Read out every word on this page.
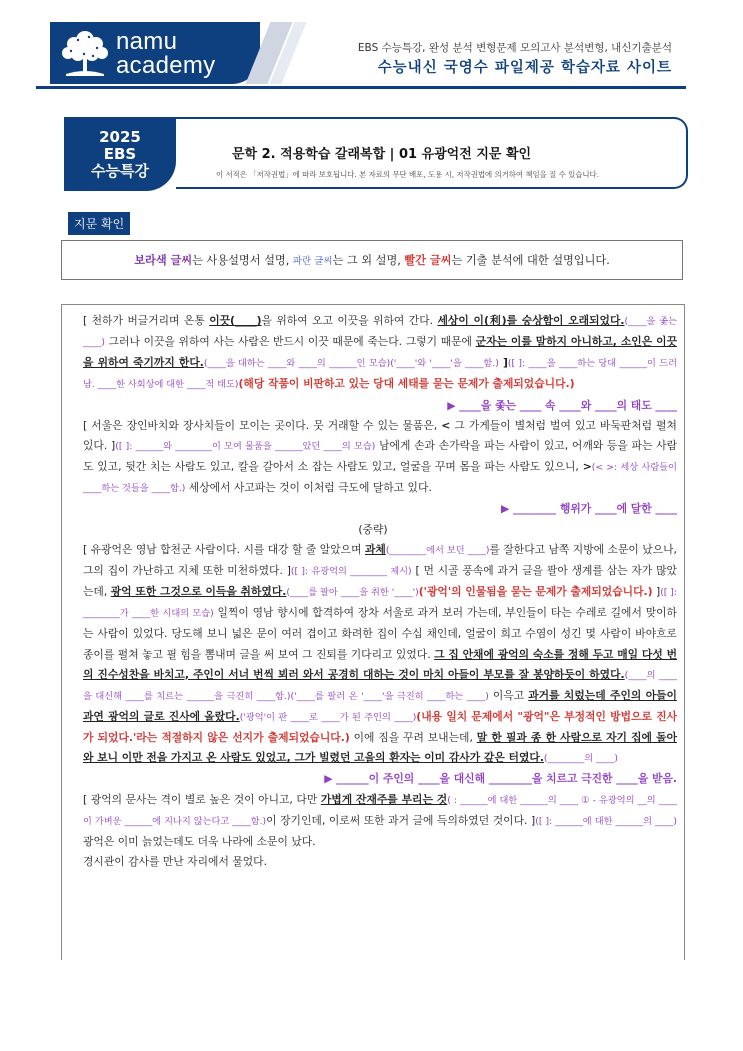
namu
academy
EBS 수능특강, 완성 분석 변형문제 모의고사 분석변형, 내신기출분석
수능내신 국영수 파일제공 학습자료 사이트
2025
EBS
수능특강
문학 2. 적용학습 갈래복합 | 01 유광억전 지문 확인
이 서적은 「저작권법」에 따라 보호됩니다. 본 자료의 무단 배포, 도용 시, 저작권법에 의거하여 책임을 질 수 있습니다.
지문 확인
보라색 글씨는 사용설명서 설명, 파란 글씨는 그 외 설명, 빨간 글씨는 기출 분석에 대한 설명입니다.

[ 천하가 버글거리며 온통 이끗(____)을 위하여 오고 이끗을 위하여 간다. 세상이 이(利)를 숭상함이 오래되었다.(____을 좇는 ____) 그러나 이끗을 위하여 사는 사람은 반드시 이끗 때문에 죽는다. 그렇기 때문에 군자는 이를 말하지 아니하고, 소인은 이끗을 위하여 죽기까지 한다.(____을 대하는 ____와 ____의 ______인 모습)('____'와 '____'을 ____함.) ]([ ]: ____을 ____하는 당대 ______이 드러남. ____한 사회상에 대한 ____적 태도)(해당 작품이 비판하고 있는 당대 세태를 묻는 문제가 출제되었습니다.)

▶ ____을 좇는 ____ 속 ____와 ____의 태도 ____

[ 서울은 장인바치와 장사치들이 모이는 곳이다. 뭇 거래할 수 있는 물품은, < 그 가게들이 별처럼 벌여 있고 바둑판처럼 펼쳐 있다. ]([ ]: ______와 ________이 모여 물품을 ______았던 ____의 모습) 남에게 손과 손가락을 파는 사람이 있고, 어깨와 등을 파는 사람도 있고, 뒷간 치는 사람도 있고, 칼을 갈아서 소 잡는 사람도 있고, 얼굴을 꾸며 몸을 파는 사람도 있으니, >(< >: 세상 사람들이 ____하는 것들을 ____함.) 세상에서 사고파는 것이 이처럼 극도에 달하고 있다.

▶ ________ 행위가 ____에 달한 ____

(중략)

[ 유광억은 영남 합천군 사람이다. 시를 대강 할 줄 알았으며 과체(________에서 보던 ____)를 잘한다고 남쪽 지방에 소문이 났으나, 그의 집이 가난하고 지체 또한 미천하였다. ]([ ]: 유광억의 ________ 제시) [ 먼 시골 풍속에 과거 글을 팔아 생계를 삼는 자가 많았는데, 광억 또한 그것으로 이득을 취하였다.(____를 팔아 ____을 취한 '____')('광억'의 인물됨을 묻는 문제가 출제되었습니다.) ]([ ]: ________가 ____한 시대의 모습) 일찍이 영남 향시에 합격하여 장차 서울로 과거 보러 가는데, 부인들이 타는 수레로 길에서 맞이하는 사람이 있었다. 당도해 보니 넓은 문이 여러 겹이고 화려한 집이 수십 채인데, 얼굴이 희고 수염이 성긴 몇 사람이 바야흐로 종이를 펼쳐 놓고 필 힘을 뽐내며 글을 써 보여 그 진퇴를 기다리고 있었다. 그 집 안채에 광억의 숙소를 정해 두고 매일 다섯 번의 진수성찬을 바치고, 주인이 서너 번씩 뵈러 와서 공경히 대하는 것이 마치 아들이 부모를 잘 봉양하듯이 하였다.(____의 ____을 대신해 ____를 치르는 ______을 극진히 ____함.)('____를 팔러 온 '____'을 극진히 ____하는 ____) 이윽고 과거를 치렀는데 주인의 아들이 과연 광억의 글로 진사에 올랐다.('광억'이 판 ____로 ____가 된 주인의 ____)(내용 일치 문제에서 "광억"은 부정적인 방법으로 진사가 되었다.'라는 적절하지 않은 선지가 출제되었습니다.) 이에 짐을 꾸려 보내는데, 말 한 필과 종 한 사람으로 자기 집에 돌아와 보니 이만 전을 가지고 온 사람도 있었고, 그가 빌렸던 고을의 환자는 이미 감사가 갚은 터였다.(________의 ____)

▶ ______이 주인의 ____을 대신해 ________을 치르고 극진한 ____을 받음.

[ 광억의 문사는 격이 별로 높은 것이 아니고, 다만 가볍게 잔재주를 부리는 것( : ______에 대한 ______의 ____ ① - 유광억의 __의 ____이 가벼운 ______에 지나지 않는다고 ____함.)이 장기인데, 이로써 또한 과거 글에 득의하였던 것이다. ]([ ]: ______에 대한 ______의 ____) 광억은 이미 늙었는데도 더욱 나라에 소문이 났다.

경시관이 감사를 만난 자리에서 물었다.
